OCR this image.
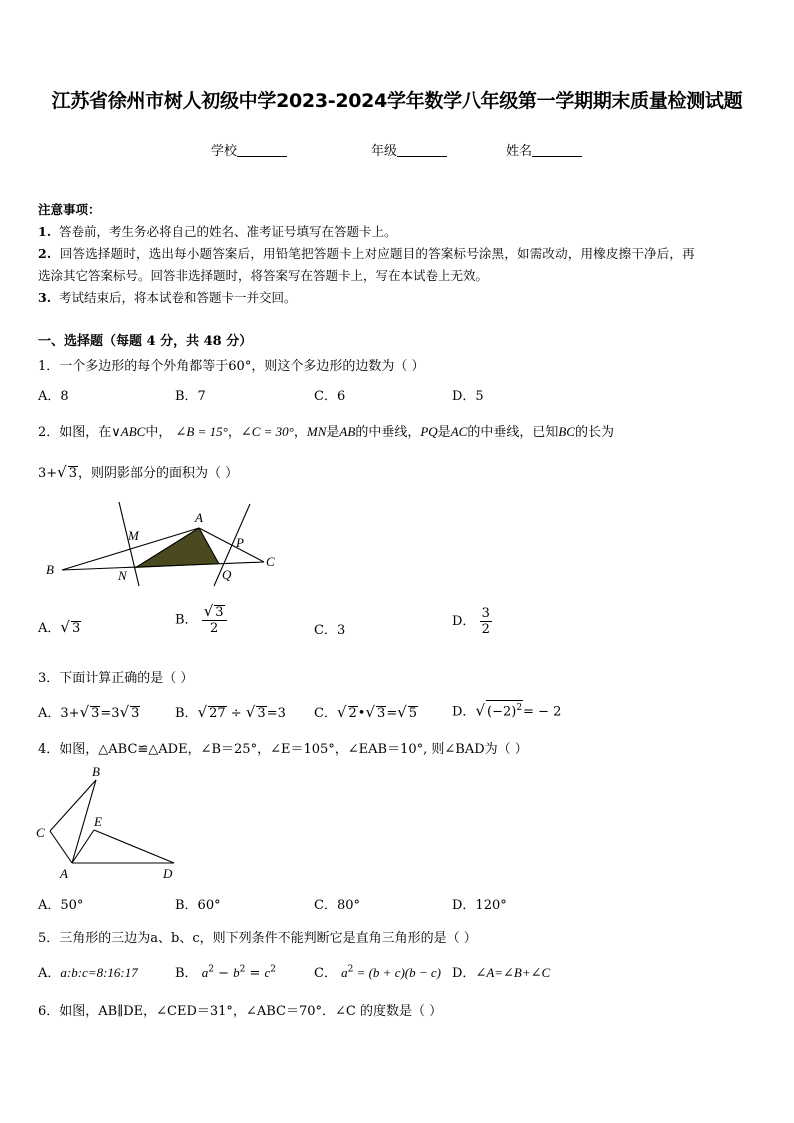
江苏省徐州市树人初级中学2023-2024学年数学八年级第一学期期末质量检测试题
学校	年级	姓名
注意事项：
1. 答卷前，考生务必将自己的姓名、准考证号填写在答题卡上。
2. 回答选择题时，选出每小题答案后，用铅笔把答题卡上对应题目的答案标号涂黑，如需改动，用橡皮擦干净后，再
选涂其它答案标号。回答非选择题时，将答案写在答题卡上，写在本试卷上无效。
3. 考试结束后，将本试卷和答题卡一并交回。
一、选择题（每题 4 分，共 48 分）
1．一个多边形的每个外角都等于60°，则这个多边形的边数为（ ）
A．8	B．7	C．6	D．5
2．如图，在∨ABC中， ∠B = 15°，∠C = 30°，MN是AB的中垂线，PQ是AC的中垂线，已知BC的长为
3+√ 3，则阴影部分的面积为（ ）
A
B
C
M
N
P
Q
A．√ 3
B． $\frac{√ 3}{2}$	C．3
D． $\frac{3}{2}$
3．下面计算正确的是（ ）
A．3+√ 3=3√ 3	B．√ 27 ÷ √ 3=3 C．√ 2•√ 3=√ 5	D．√ $(-2)^2= - 2$
4．如图，△ABC≌△ADE，∠B＝25°，∠E＝105°，∠EAB＝10°, 则∠BAD为（ ）
A
B
C
D
E
A．50°	B．60°	C．80°	D．120°
5．三角形的三边为a、b、c，则下列条件不能判断它是直角三角形的是（ ）
A．a:b:c=8:16:17	B． $a^2 - b^2 = c^2$	C． $a^2 = (b + c)(b - c)$ D．∠A=∠B+∠C
6．如图，AB∥DE，∠CED＝31°，∠ABC＝70°．∠C 的度数是（ ）
